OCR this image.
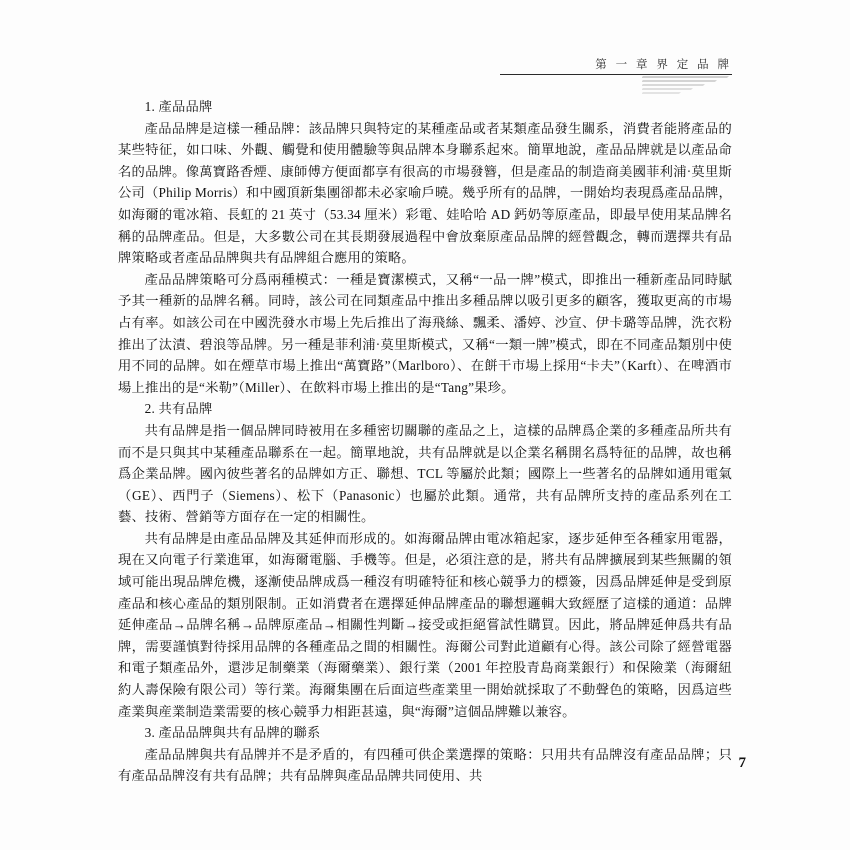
第 一 章 界 定 品 牌

1. 產品品牌

產品品牌是這樣一種品牌：該品牌只與特定的某種產品或者某類產品發生關系，消費者能將產品的某些特征，如口味、外觀、觸覺和使用體驗等與品牌本身聯系起來。簡單地說，產品品牌就是以產品命名的品牌。像萬寶路香煙、康師傅方便面都享有很高的市場發簪，但是產品的制造商美國菲利浦·莫里斯公司（Philip Morris）和中國頂新集團卻都未必家喻戶曉。幾乎所有的品牌，一開始均表現爲產品品牌，如海爾的電冰箱、長虹的 21 英寸（53.34 厘米）彩電、娃哈哈 AD 鈣奶等原產品，即最早使用某品牌名稱的品牌產品。但是，大多數公司在其長期發展過程中會放棄原產品品牌的經營觀念，轉而選擇共有品牌策略或者產品品牌與共有品牌組合應用的策略。

產品品牌策略可分爲兩種模式：一種是寶潔模式，又稱“一品一牌”模式，即推出一種新產品同時賦予其一種新的品牌名稱。同時，該公司在同類產品中推出多種品牌以吸引更多的顧客，獲取更高的市場占有率。如該公司在中國洗發水市場上先后推出了海飛絲、飄柔、潘婷、沙宣、伊卡璐等品牌，洗衣粉推出了汰漬、碧浪等品牌。另一種是菲利浦·莫里斯模式，又稱“一類一牌”模式，即在不同產品類別中使用不同的品牌。如在煙草市場上推出“萬寶路”（Marlboro）、在餅干市場上採用“卡夫”（Karft）、在啤酒市場上推出的是“米勒”（Miller）、在飲料市場上推出的是“Tang”果珍。

2. 共有品牌

共有品牌是指一個品牌同時被用在多種密切關聯的產品之上，這樣的品牌爲企業的多種產品所共有而不是只與其中某種產品聯系在一起。簡單地說，共有品牌就是以企業名稱開名爲特征的品牌，故也稱爲企業品牌。國內彼些著名的品牌如方正、聯想、TCL 等屬於此類；國際上一些著名的品牌如通用電氣（GE）、西門子（Siemens）、松下（Panasonic）也屬於此類。通常，共有品牌所支持的產品系列在工藝、技術、營銷等方面存在一定的相關性。

共有品牌是由產品品牌及其延伸而形成的。如海爾品牌由電冰箱起家，逐步延伸至各種家用電器，現在又向電子行業進軍，如海爾電腦、手機等。但是，必須注意的是，將共有品牌擴展到某些無關的領域可能出現品牌危機，逐漸使品牌成爲一種沒有明確特征和核心競爭力的標簽，因爲品牌延伸是受到原產品和核心產品的類別限制。正如消費者在選擇延伸品牌產品的聯想邏輯大致經歷了這樣的通道：品牌延伸產品→品牌名稱→品牌原產品→相關性判斷→接受或拒絕嘗試性購買。因此，將品牌延伸爲共有品牌，需要謹慎對待採用品牌的各種產品之間的相關性。海爾公司對此道顧有心得。該公司除了經營電器和電子類產品外，還涉足制藥業（海爾藥業）、銀行業（2001 年控股青島商業銀行）和保險業（海爾紐約人壽保險有限公司）等行業。海爾集團在后面這些產業里一開始就採取了不動聲色的策略，因爲這些產業與産業制造業需要的核心競爭力相距甚遠，與“海爾”這個品牌難以兼容。

3. 產品品牌與共有品牌的聯系

產品品牌與共有品牌并不是矛盾的，有四種可供企業選擇的策略：只用共有品牌沒有產品品牌；只有產品品牌沒有共有品牌；共有品牌與產品品牌共同使用、共

7
